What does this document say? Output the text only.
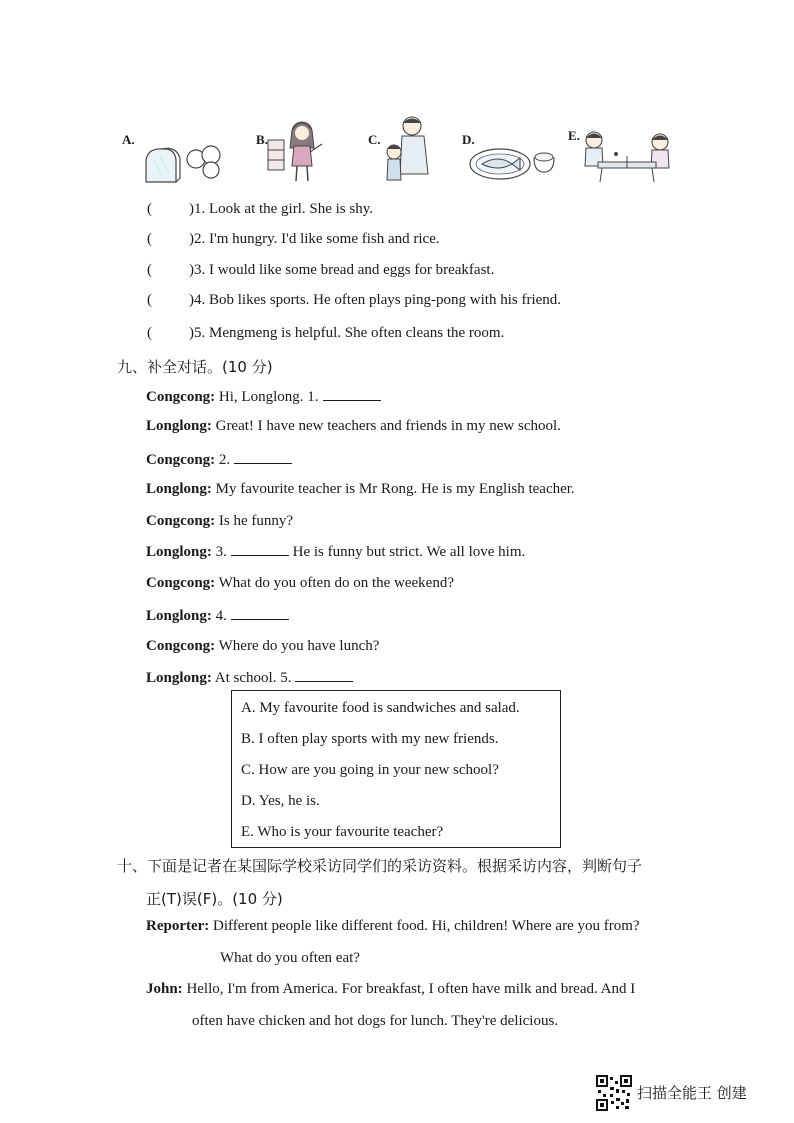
A.	B.	C.	D.	E.
( )1. Look at the girl. She is shy.
( )2. I'm hungry. I'd like some fish and rice.
( )3. I would like some bread and eggs for breakfast.
( )4. Bob likes sports. He often plays ping-pong with his friend.
( )5. Mengmeng is helpful. She often cleans the room.
九、补全对话。(10 分)
Congcong: Hi, Longlong. 1.
Longlong: Great! I have new teachers and friends in my new school.
Congcong: 2.
Longlong: My favourite teacher is Mr Rong. He is my English teacher.
Congcong: Is he funny?
Longlong: 3.	He is funny but strict. We all love him.
Congcong: What do you often do on the weekend?
Longlong: 4.
Congcong: Where do you have lunch?
Longlong: At school. 5.
A. My favourite food is sandwiches and salad.
B. I often play sports with my new friends.
C. How are you going in your new school?
D. Yes, he is.
E. Who is your favourite teacher?
十、下面是记者在某国际学校采访同学们的采访资料。根据采访内容，判断句子
正(T)误(F)。(10 分)
Reporter: Different people like different food. Hi, children! Where are you from?
What do you often eat?
John: Hello, I'm from America. For breakfast, I often have milk and bread. And I
often have chicken and hot dogs for lunch. They're delicious.
扫描全能王 创建
